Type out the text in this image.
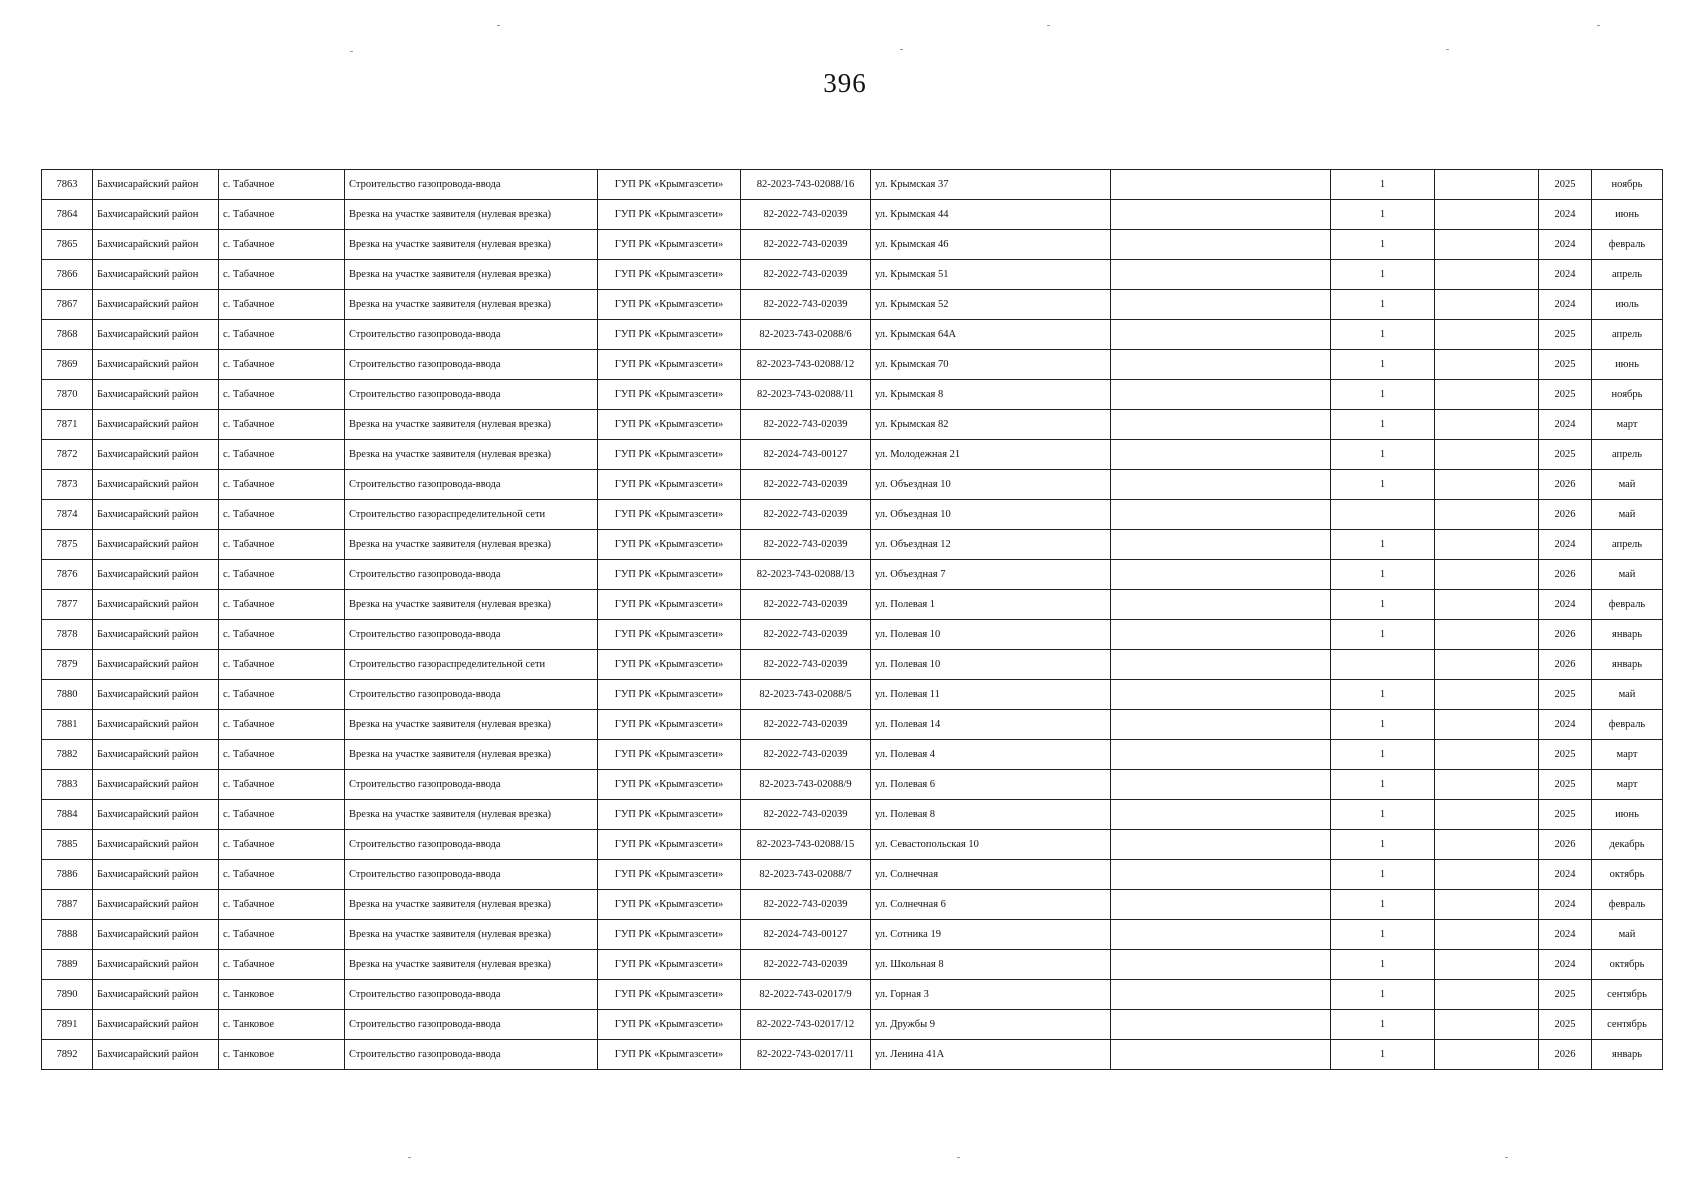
396
7863	Бахчисарайский район	с. Табачное	Строительство газопровода-ввода	ГУП РК «Крымгазсети»	82-2023-743-02088/16	ул. Крымская 37		1		2025	ноябрь
7864	Бахчисарайский район	с. Табачное	Врезка на участке заявителя (нулевая врезка)	ГУП РК «Крымгазсети»	82-2022-743-02039	ул. Крымская 44		1		2024	июнь
7865	Бахчисарайский район	с. Табачное	Врезка на участке заявителя (нулевая врезка)	ГУП РК «Крымгазсети»	82-2022-743-02039	ул. Крымская 46		1		2024	февраль
7866	Бахчисарайский район	с. Табачное	Врезка на участке заявителя (нулевая врезка)	ГУП РК «Крымгазсети»	82-2022-743-02039	ул. Крымская 51		1		2024	апрель
7867	Бахчисарайский район	с. Табачное	Врезка на участке заявителя (нулевая врезка)	ГУП РК «Крымгазсети»	82-2022-743-02039	ул. Крымская 52		1		2024	июль
7868	Бахчисарайский район	с. Табачное	Строительство газопровода-ввода	ГУП РК «Крымгазсети»	82-2023-743-02088/6	ул. Крымская 64А		1		2025	апрель
7869	Бахчисарайский район	с. Табачное	Строительство газопровода-ввода	ГУП РК «Крымгазсети»	82-2023-743-02088/12	ул. Крымская 70		1		2025	июнь
7870	Бахчисарайский район	с. Табачное	Строительство газопровода-ввода	ГУП РК «Крымгазсети»	82-2023-743-02088/11	ул. Крымская 8		1		2025	ноябрь
7871	Бахчисарайский район	с. Табачное	Врезка на участке заявителя (нулевая врезка)	ГУП РК «Крымгазсети»	82-2022-743-02039	ул. Крымская 82		1		2024	март
7872	Бахчисарайский район	с. Табачное	Врезка на участке заявителя (нулевая врезка)	ГУП РК «Крымгазсети»	82-2024-743-00127	ул. Молодежная 21		1		2025	апрель
7873	Бахчисарайский район	с. Табачное	Строительство газопровода-ввода	ГУП РК «Крымгазсети»	82-2022-743-02039	ул. Объездная 10		1		2026	май
7874	Бахчисарайский район	с. Табачное	Строительство газораспределительной сети	ГУП РК «Крымгазсети»	82-2022-743-02039	ул. Объездная 10				2026	май
7875	Бахчисарайский район	с. Табачное	Врезка на участке заявителя (нулевая врезка)	ГУП РК «Крымгазсети»	82-2022-743-02039	ул. Объездная 12		1		2024	апрель
7876	Бахчисарайский район	с. Табачное	Строительство газопровода-ввода	ГУП РК «Крымгазсети»	82-2023-743-02088/13	ул. Объездная 7		1		2026	май
7877	Бахчисарайский район	с. Табачное	Врезка на участке заявителя (нулевая врезка)	ГУП РК «Крымгазсети»	82-2022-743-02039	ул. Полевая 1		1		2024	февраль
7878	Бахчисарайский район	с. Табачное	Строительство газопровода-ввода	ГУП РК «Крымгазсети»	82-2022-743-02039	ул. Полевая 10		1		2026	январь
7879	Бахчисарайский район	с. Табачное	Строительство газораспределительной сети	ГУП РК «Крымгазсети»	82-2022-743-02039	ул. Полевая 10				2026	январь
7880	Бахчисарайский район	с. Табачное	Строительство газопровода-ввода	ГУП РК «Крымгазсети»	82-2023-743-02088/5	ул. Полевая 11		1		2025	май
7881	Бахчисарайский район	с. Табачное	Врезка на участке заявителя (нулевая врезка)	ГУП РК «Крымгазсети»	82-2022-743-02039	ул. Полевая 14		1		2024	февраль
7882	Бахчисарайский район	с. Табачное	Врезка на участке заявителя (нулевая врезка)	ГУП РК «Крымгазсети»	82-2022-743-02039	ул. Полевая 4		1		2025	март
7883	Бахчисарайский район	с. Табачное	Строительство газопровода-ввода	ГУП РК «Крымгазсети»	82-2023-743-02088/9	ул. Полевая 6		1		2025	март
7884	Бахчисарайский район	с. Табачное	Врезка на участке заявителя (нулевая врезка)	ГУП РК «Крымгазсети»	82-2022-743-02039	ул. Полевая 8		1		2025	июнь
7885	Бахчисарайский район	с. Табачное	Строительство газопровода-ввода	ГУП РК «Крымгазсети»	82-2023-743-02088/15	ул. Севастопольская 10		1		2026	декабрь
7886	Бахчисарайский район	с. Табачное	Строительство газопровода-ввода	ГУП РК «Крымгазсети»	82-2023-743-02088/7	ул. Солнечная		1		2024	октябрь
7887	Бахчисарайский район	с. Табачное	Врезка на участке заявителя (нулевая врезка)	ГУП РК «Крымгазсети»	82-2022-743-02039	ул. Солнечная 6		1		2024	февраль
7888	Бахчисарайский район	с. Табачное	Врезка на участке заявителя (нулевая врезка)	ГУП РК «Крымгазсети»	82-2024-743-00127	ул. Сотника 19		1		2024	май
7889	Бахчисарайский район	с. Табачное	Врезка на участке заявителя (нулевая врезка)	ГУП РК «Крымгазсети»	82-2022-743-02039	ул. Школьная 8		1		2024	октябрь
7890	Бахчисарайский район	с. Танковое	Строительство газопровода-ввода	ГУП РК «Крымгазсети»	82-2022-743-02017/9	ул. Горная 3		1		2025	сентябрь
7891	Бахчисарайский район	с. Танковое	Строительство газопровода-ввода	ГУП РК «Крымгазсети»	82-2022-743-02017/12	ул. Дружбы 9		1		2025	сентябрь
7892	Бахчисарайский район	с. Танковое	Строительство газопровода-ввода	ГУП РК «Крымгазсети»	82-2022-743-02017/11	ул. Ленина 41А		1		2026	январь
